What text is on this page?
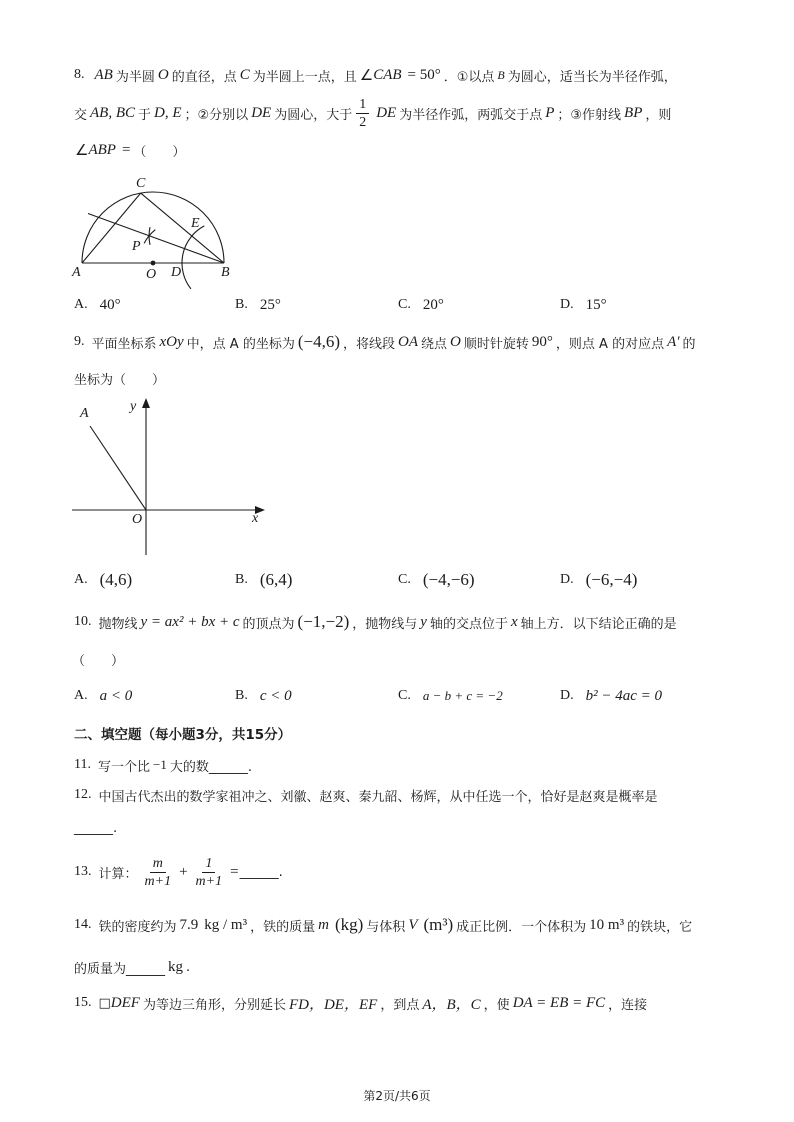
8. AB 为半圆 O 的直径，点 C 为半圆上一点，且 ∠ CAB = 50° ．①以点 B 为圆心，适当长为半径作弧，
交 AB, BC 于 D, E ；②分别以 DE 为圆心，大于 $\frac{1}{2}$ DE 为半径作弧，两弧交于点 P ；③作射线 BP ，则
∠ ABP = （　　）
C
E
P
A	O D	B
A. 40°	B. 25°	C. 20°	D. 15°
9. 平面坐标系 xOy 中，点 A 的坐标为 (−4,6) ，将线段 OA 绕点 O 顺时针旋转 90° ，则点 A 的对应点 A′ 的
坐标为（　　）
A	y
O	x
A. (4,6)	B. (6,4)	C. (−4,−6)	D. (−6,−4)
10. 抛物线 y = ax² + bx + c 的顶点为 (−1,−2) ，抛物线与 y 轴的交点位于 x 轴上方．以下结论正确的是
（　　）
A. a < 0	B. c < 0	C. a − b + c = −2	D. b² − 4ac = 0
二、填空题（每小题3分，共15分）
11. 写一个比 −1 大的数______.
12. 中国古代杰出的数学家祖冲之、刘徽、赵爽、秦九韶、杨辉，从中任选一个，恰好是赵爽是概率是
______.
13. 计算： $\frac{m}{m+1} + \frac{1}{m+1}$ = ______.
14. 铁的密度约为 7.9 kg / m³ ，铁的质量 m (kg) 与体积 V (m³) 成正比例．一个体积为 10 m³ 的铁块，它
的质量为______ kg .
15. □ DEF 为等边三角形，分别延长 FD，DE，EF ，到点 A，B，C ，使 DA = EB = FC ，连接
第2页/共6页
